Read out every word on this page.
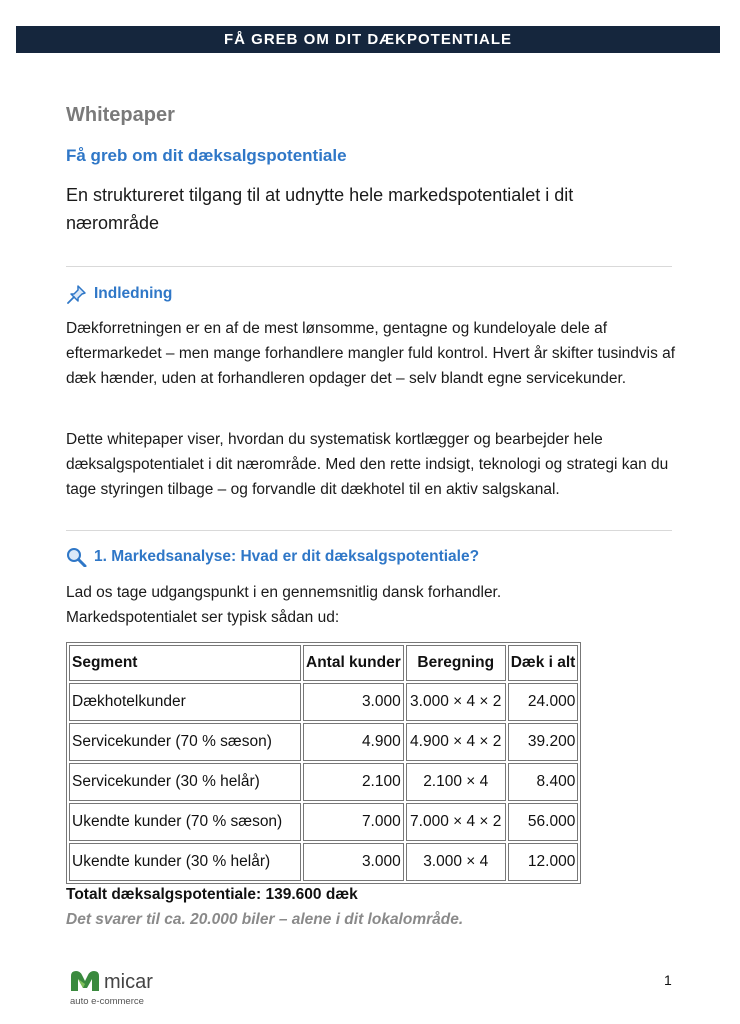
FÅ GREB OM DIT DÆKPOTENTIALE
Whitepaper
Få greb om dit dæksalgspotentiale
En struktureret tilgang til at udnytte hele markedspotentialet i dit nærområde
Indledning
Dækforretningen er en af de mest lønsomme, gentagne og kundeloyale dele af eftermarkedet – men mange forhandlere mangler fuld kontrol. Hvert år skifter tusindvis af dæk hænder, uden at forhandleren opdager det – selv blandt egne servicekunder.
Dette whitepaper viser, hvordan du systematisk kortlægger og bearbejder hele dæksalgspotentialet i dit nærområde. Med den rette indsigt, teknologi og strategi kan du tage styringen tilbage – og forvandle dit dækhotel til en aktiv salgskanal.
1. Markedsanalyse: Hvad er dit dæksalgspotentiale?
Lad os tage udgangspunkt i en gennemsnitlig dansk forhandler. Markedspotentialet ser typisk sådan ud:
Segment	Antal kunder	Beregning	Dæk i alt
Dækhotelkunder	3.000	3.000 × 4 × 2	24.000
Servicekunder (70 % sæson)	4.900	4.900 × 4 × 2	39.200
Servicekunder (30 % helår)	2.100	2.100 × 4	8.400
Ukendte kunder (70 % sæson)	7.000	7.000 × 4 × 2	56.000
Ukendte kunder (30 % helår)	3.000	3.000 × 4	12.000
Totalt dæksalgspotentiale: 139.600 dæk
Det svarer til ca. 20.000 biler – alene i dit lokalområde.
micar
auto e-commerce
1
